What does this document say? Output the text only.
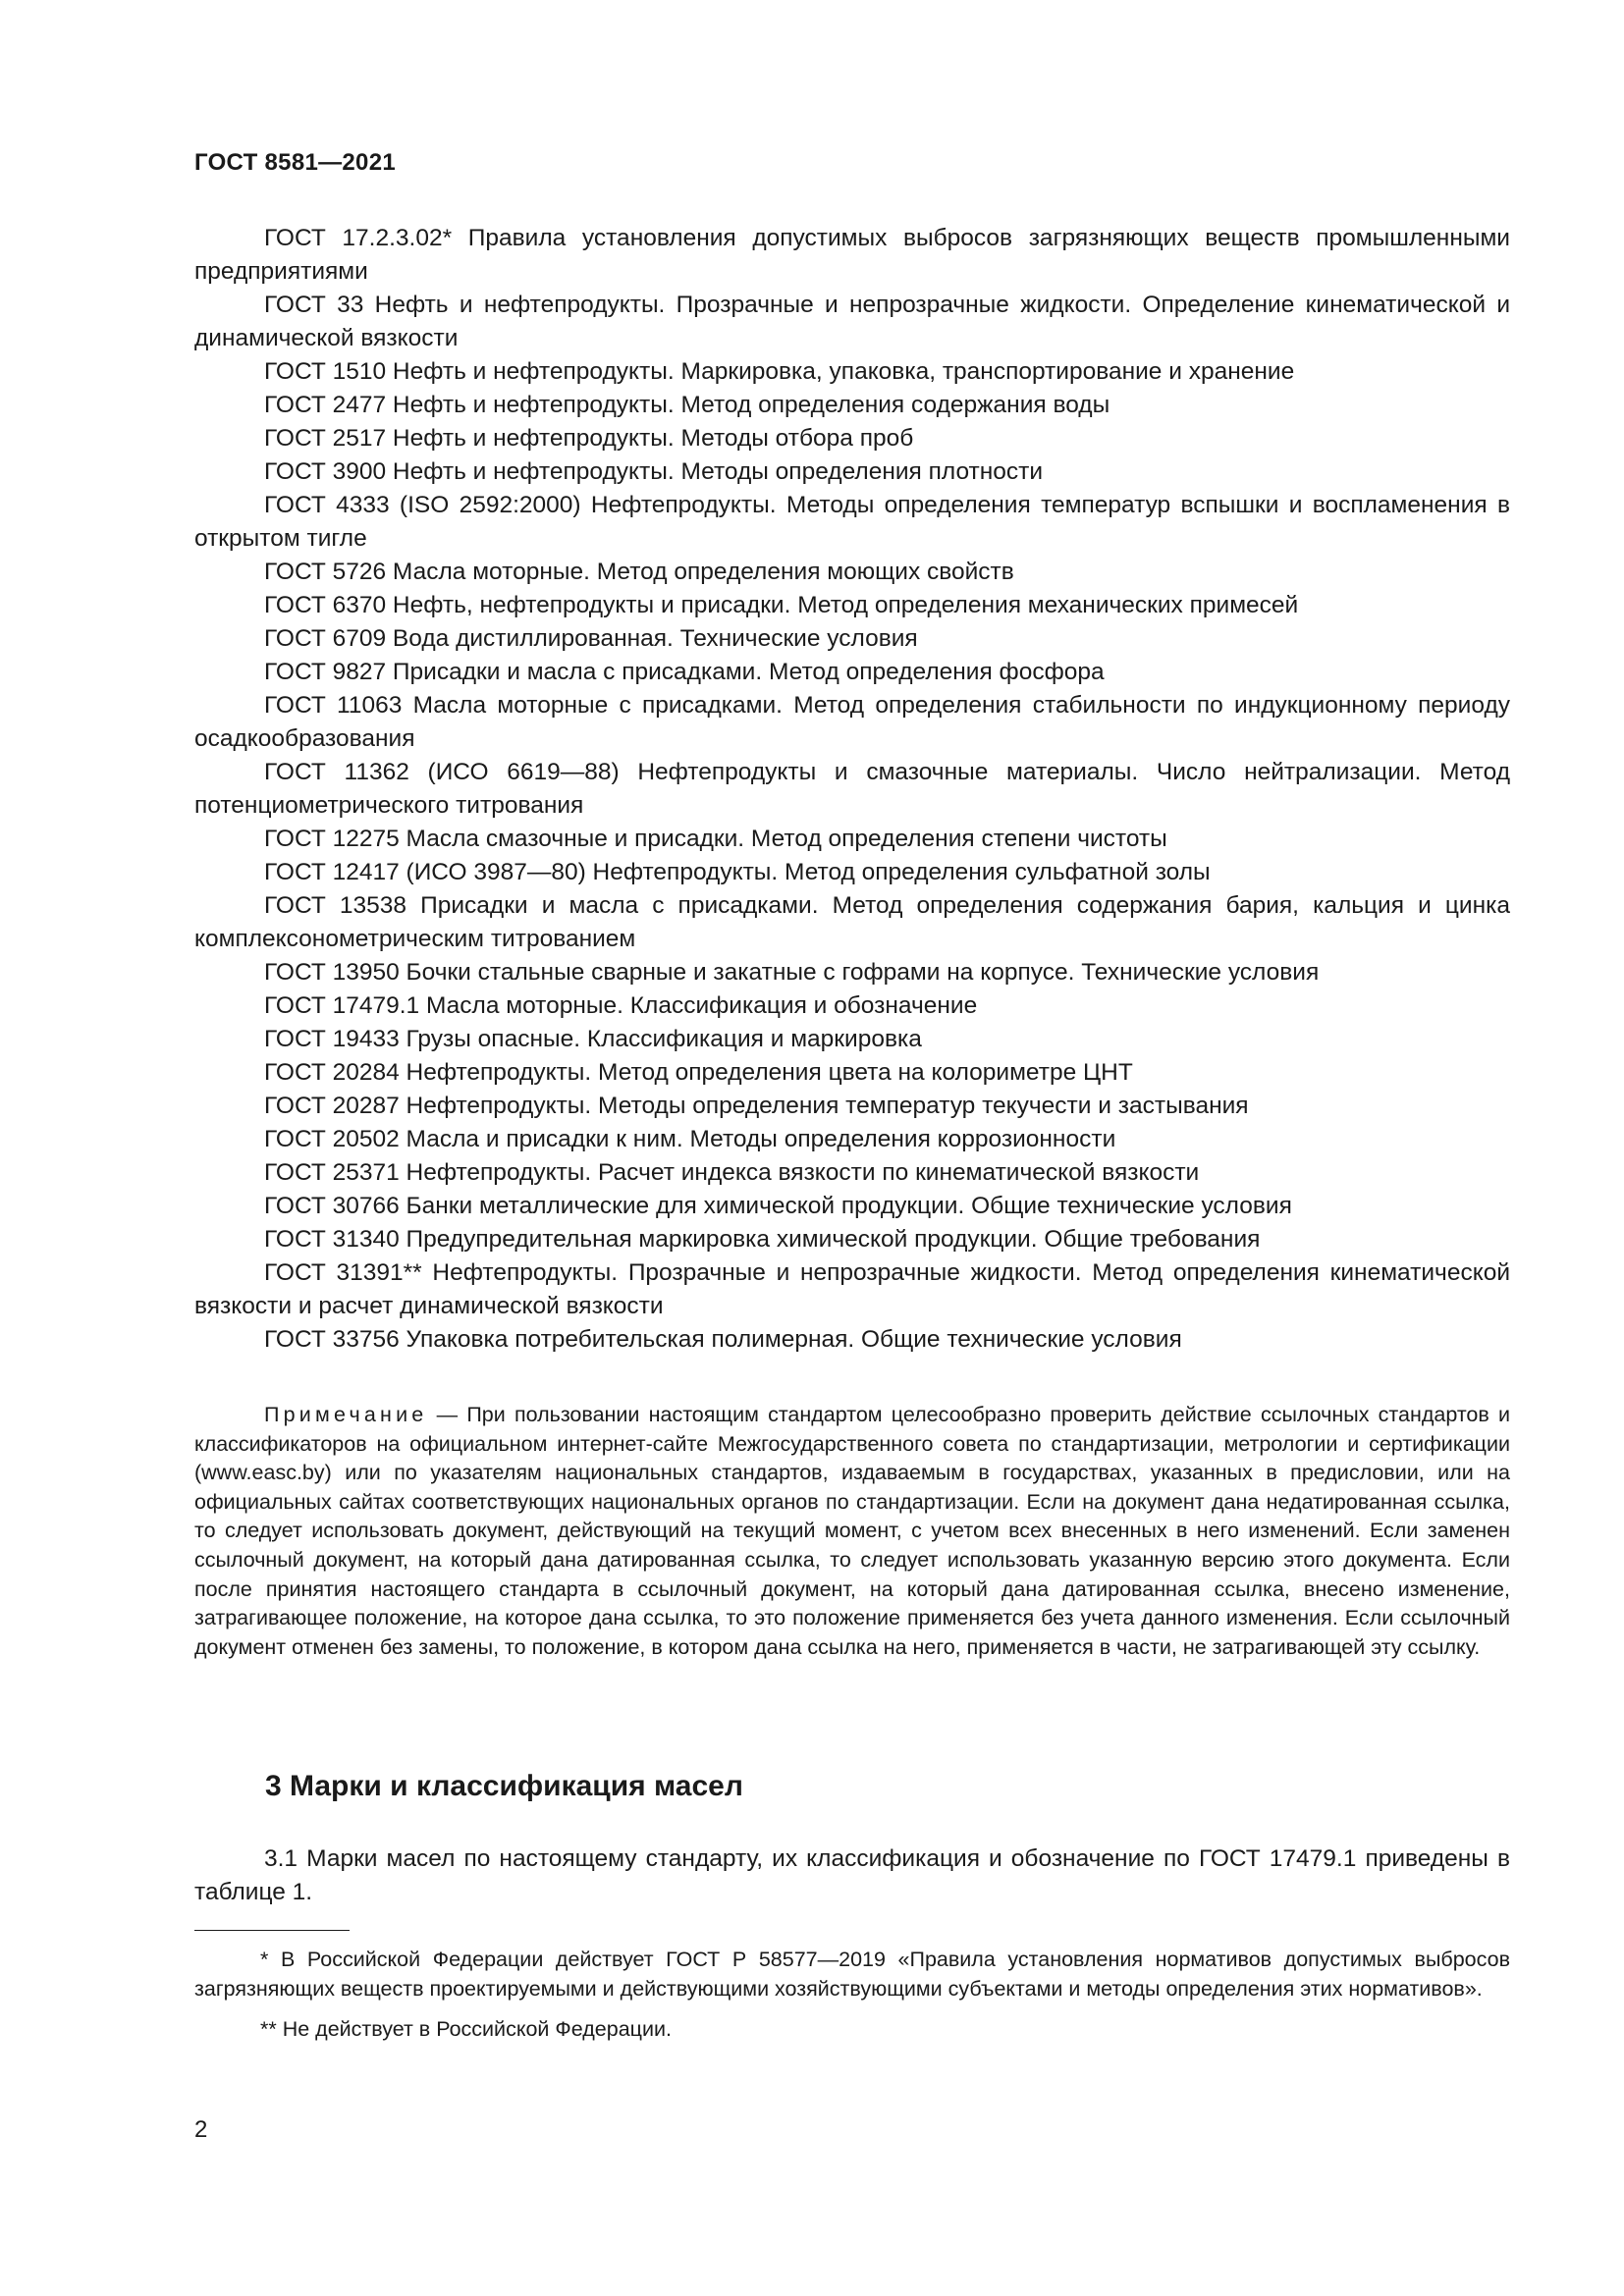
ГОСТ 8581—2021

ГОСТ 17.2.3.02* Правила установления допустимых выбросов загрязняющих веществ промышленными предприятиями

ГОСТ 33 Нефть и нефтепродукты. Прозрачные и непрозрачные жидкости. Определение кинематической и динамической вязкости

ГОСТ 1510 Нефть и нефтепродукты. Маркировка, упаковка, транспортирование и хранение

ГОСТ 2477 Нефть и нефтепродукты. Метод определения содержания воды

ГОСТ 2517 Нефть и нефтепродукты. Методы отбора проб

ГОСТ 3900 Нефть и нефтепродукты. Методы определения плотности

ГОСТ 4333 (ISO 2592:2000) Нефтепродукты. Методы определения температур вспышки и воспламенения в открытом тигле

ГОСТ 5726 Масла моторные. Метод определения моющих свойств

ГОСТ 6370 Нефть, нефтепродукты и присадки. Метод определения механических примесей

ГОСТ 6709 Вода дистиллированная. Технические условия

ГОСТ 9827 Присадки и масла с присадками. Метод определения фосфора

ГОСТ 11063 Масла моторные с присадками. Метод определения стабильности по индукционному периоду осадкообразования

ГОСТ 11362 (ИСО 6619—88) Нефтепродукты и смазочные материалы. Число нейтрализации. Метод потенциометрического титрования

ГОСТ 12275 Масла смазочные и присадки. Метод определения степени чистоты

ГОСТ 12417 (ИСО 3987—80) Нефтепродукты. Метод определения сульфатной золы

ГОСТ 13538 Присадки и масла с присадками. Метод определения содержания бария, кальция и цинка комплексонометрическим титрованием

ГОСТ 13950 Бочки стальные сварные и закатные с гофрами на корпусе. Технические условия

ГОСТ 17479.1 Масла моторные. Классификация и обозначение

ГОСТ 19433 Грузы опасные. Классификация и маркировка

ГОСТ 20284 Нефтепродукты. Метод определения цвета на колориметре ЦНТ

ГОСТ 20287 Нефтепродукты. Методы определения температур текучести и застывания

ГОСТ 20502 Масла и присадки к ним. Методы определения коррозионности

ГОСТ 25371 Нефтепродукты. Расчет индекса вязкости по кинематической вязкости

ГОСТ 30766 Банки металлические для химической продукции. Общие технические условия

ГОСТ 31340 Предупредительная маркировка химической продукции. Общие требования

ГОСТ 31391** Нефтепродукты. Прозрачные и непрозрачные жидкости. Метод определения кинематической вязкости и расчет динамической вязкости

ГОСТ 33756 Упаковка потребительская полимерная. Общие технические условия

Примечание — При пользовании настоящим стандартом целесообразно проверить действие ссылочных стандартов и классификаторов на официальном интернет-сайте Межгосударственного совета по стандартизации, метрологии и сертификации (www.easc.by) или по указателям национальных стандартов, издаваемым в государствах, указанных в предисловии, или на официальных сайтах соответствующих национальных органов по стандартизации. Если на документ дана недатированная ссылка, то следует использовать документ, действующий на текущий момент, с учетом всех внесенных в него изменений. Если заменен ссылочный документ, на который дана датированная ссылка, то следует использовать указанную версию этого документа. Если после принятия настоящего стандарта в ссылочный документ, на который дана датированная ссылка, внесено изменение, затрагивающее положение, на которое дана ссылка, то это положение применяется без учета данного изменения. Если ссылочный документ отменен без замены, то положение, в котором дана ссылка на него, применяется в части, не затрагивающей эту ссылку.

3 Марки и классификация масел

3.1 Марки масел по настоящему стандарту, их классификация и обозначение по ГОСТ 17479.1 приведены в таблице 1.

* В Российской Федерации действует ГОСТ Р 58577—2019 «Правила установления нормативов допустимых выбросов загрязняющих веществ проектируемыми и действующими хозяйствующими субъектами и методы определения этих нормативов».

** Не действует в Российской Федерации.

2
